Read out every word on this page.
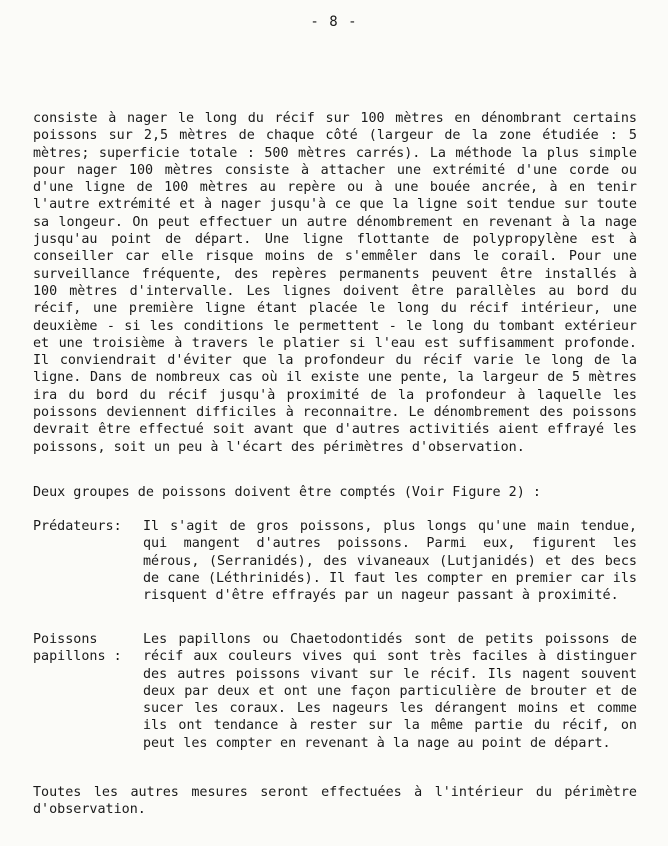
- 8 -

consiste à nager le long du récif sur 100 mètres en dénombrant certains poissons sur 2,5 mètres de chaque côté (largeur de la zone étudiée : 5 mètres; superficie totale : 500 mètres carrés). La méthode la plus simple pour nager 100 mètres consiste à attacher une extrémité d'une corde ou d'une ligne de 100 mètres au repère ou à une bouée ancrée, à en tenir l'autre extrémité et à nager jusqu'à ce que la ligne soit tendue sur toute sa longeur. On peut effectuer un autre dénombrement en revenant à la nage jusqu'au point de départ. Une ligne flottante de polypropylène est à conseiller car elle risque moins de s'emmêler dans le corail. Pour une surveillance fréquente, des repères permanents peuvent être installés à 100 mètres d'intervalle. Les lignes doivent être parallèles au bord du récif, une première ligne étant placée le long du récif intérieur, une deuxième - si les conditions le permettent - le long du tombant extérieur et une troisième à travers le platier si l'eau est suffisamment profonde. Il conviendrait d'éviter que la profondeur du récif varie le long de la ligne. Dans de nombreux cas où il existe une pente, la largeur de 5 mètres ira du bord du récif jusqu'à proximité de la profondeur à laquelle les poissons deviennent difficiles à reconnaitre. Le dénombrement des poissons devrait être effectué soit avant que d'autres activitiés aient effrayé les poissons, soit un peu à l'écart des périmètres d'observation.

Deux groupes de poissons doivent être comptés (Voir Figure 2) :

Prédateurs:	Il s'agit de gros poissons, plus longs qu'une main tendue, qui mangent d'autres poissons. Parmi eux, figurent les mérous, (Serranidés), des vivaneaux (Lutjanidés) et des becs de cane (Léthrinidés). Il faut les compter en premier car ils risquent d'être effrayés par un nageur passant à proximité.

Poissons papillons :

Les papillons ou Chaetodontidés sont de petits poissons de récif aux couleurs vives qui sont très faciles à distinguer des autres poissons vivant sur le récif. Ils nagent souvent deux par deux et ont une façon particulière de brouter et de sucer les coraux. Les nageurs les dérangent moins et comme ils ont tendance à rester sur la même partie du récif, on peut les compter en revenant à la nage au point de départ.

Toutes les autres mesures seront effectuées à l'intérieur du périmètre d'observation.
